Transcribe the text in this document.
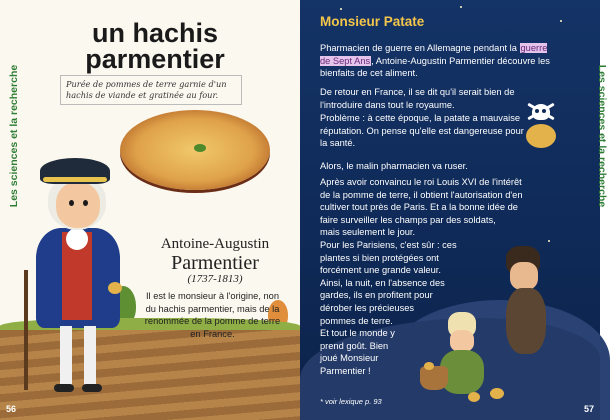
Les sciences et la recherche
un hachis
parmentier
Purée de pommes de terre garnie d'un hachis de viande et gratinée au four.
Antoine-Augustin
Parmentier
(1737-1813)
Il est le monsieur à l'origine, non du hachis parmentier, mais de la renommée de la pomme de terre en France.
56
Les sciences et la recherche
Monsieur Patate

Pharmacien de guerre en Allemagne pendant la guerre de Sept Ans, Antoine-Augustin Parmentier découvre les bienfaits de cet aliment.

De retour en France, il se dit qu'il serait bien de l'introduire dans tout le royaume.
Problème : à cette époque, la patate a mauvaise réputation. On pense qu'elle est dangereuse pour la santé.
Alors, le malin pharmacien va ruser.
Après avoir convaincu le roi Louis XVI de l'intérêt
de la pomme de terre, il obtient l'autorisation d'en
cultiver tout près de Paris. Et a la bonne idée de
faire surveiller les champs par des soldats,
mais seulement le jour.
Pour les Parisiens, c'est sûr : ces
plantes si bien protégées ont
forcément une grande valeur.
Ainsi, la nuit, en l'absence des
gardes, ils en profitent pour
dérober les précieuses
pommes de terre.
Et tout le monde y
prend goût. Bien
joué Monsieur
Parmentier !
* voir lexique p. 93
57
